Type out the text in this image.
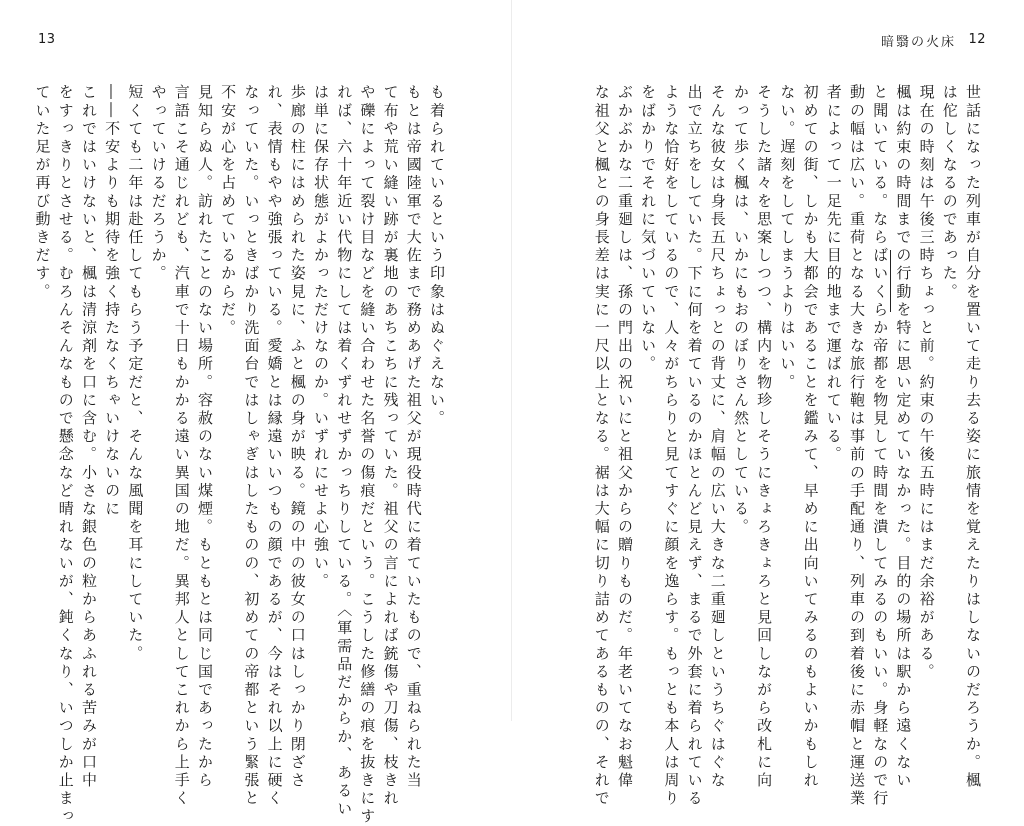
13

も着られているという印象はぬぐえない。

もとは帝國陸軍で大佐まで務めあげた祖父が現役時代に着ていたもので、重ねられた当

て布や荒い縫い跡が裏地のあちこちに残っていた。祖父の言によれば銃傷や刀傷、枝きれ

や礫によって裂け目などを縫い合わせた名誉の傷痕だという。こうした修繕の痕を抜きにす

れば、六十年近い代物にしては着くずれせずかっちりしている。〈軍需品だからか、あるい

は単に保存状態がよかっただけなのか。いずれにせよ心強い。

歩廊の柱にはめられた姿見に、ふと楓の身が映る。鏡の中の彼女の口はしっかり閉ざさ

れ、表情もやや強張っている。愛嬌とは縁遠いいつもの顔であるが、今はそれ以上に硬く

なっていた。いっときばかり洗面台ではしゃぎはしたものの、初めての帝都という緊張と

不安が心を占めているからだ。

見知らぬ人。訪れたことのない場所。容赦のない煤煙。もともとは同じ国であったから

言語こそ通じれども、汽車で十日もかかる遠い異国の地だ。異邦人としてこれから上手く

やっていけるだろうか。

短くても二年は赴任してもらう予定だと、そんな風聞を耳にしていた。

――不安よりも期待を強く持たなくちゃいけないのに

これではいけないと、楓は清涼剤を口に含む。小さな銀色の粒からあふれる苦みが口中

をすっきりとさせる。むろんそんなもので懸念など晴れないが、鈍くなり、いつしか止まっ

ていた足が再び動きだす。

暗翳の火床 12

世話になった列車が自分を置いて走り去る姿に旅情を覚えたりはしないのだろうか。楓

は佗しくなるのであった。

現在の時刻は午後三時ちょっと前。約束の午後五時にはまだ余裕がある。

楓は約束の時間までの行動を特に思い定めていなかった。目的の場所は駅から遠くない

と聞いている。ならばいくらか帝都を物見して時間を潰してみるのもいい。身軽なので行

動の幅は広い。重荷となる大きな旅行鞄は事前の手配通り、列車の到着後に赤帽と運送業

者によって一足先に目的地まで運ばれている。

初めての街、しかも大都会であることを鑑みて、早めに出向いてみるのもよいかもしれ

ない。遅刻をしてしまうよりはいい。

そうした諸々を思案しつつ、構内を物珍しそうにきょろきょろと見回しながら改札に向

かって歩く楓は、いかにもおのぼりさん然としている。

そんな彼女は身長五尺ちょっとの背丈に、肩幅の広い大きな二重廻しというちぐはぐな

出で立ちをしていた。下に何を着ているのかほとんど見えず、まるで外套に着られている

ような恰好をしているので、人々がちらりと見てすぐに顔を逸らす。もっとも本人は周り

をばかりでそれに気づいていない。

ぶかぶかな二重廻しは、孫の門出の祝いにと祖父からの贈りものだ。年老いてなお魁偉

な祖父と楓との身長差は実に一尺以上となる。裾は大幅に切り詰めてあるものの、それで
